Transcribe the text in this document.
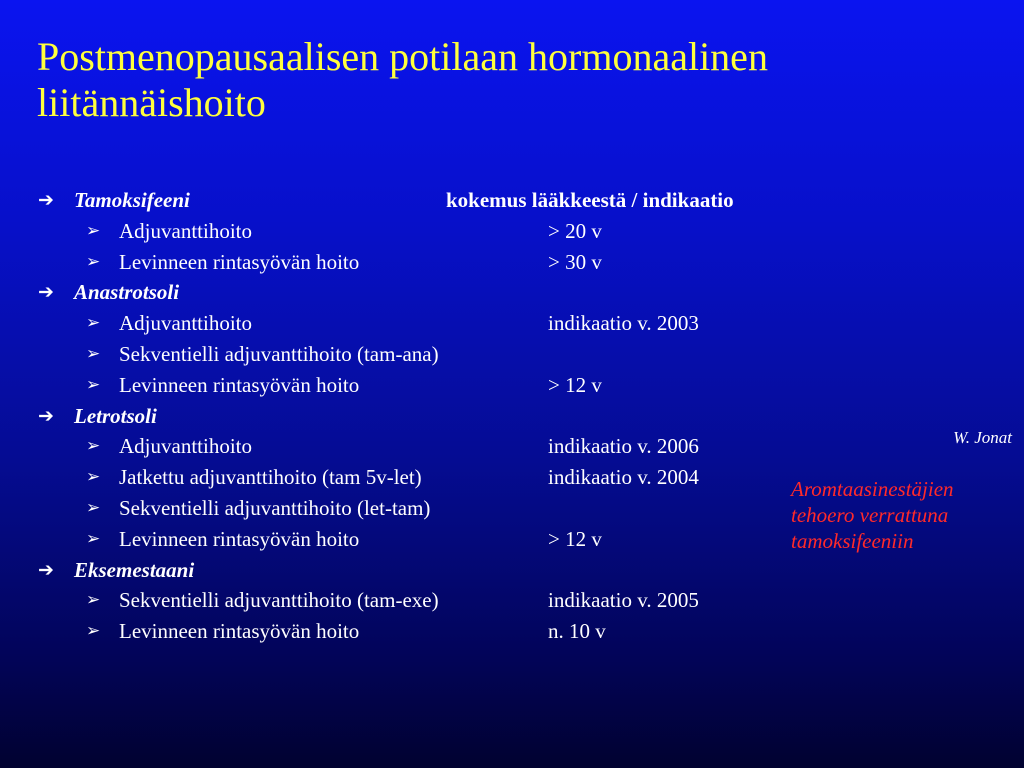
Postmenopausaalisen potilaan hormonaalinen
liitännäishoito
➔ Tamoksifeeni	kokemus lääkkeestä / indikaatio
➢ Adjuvanttihoito	> 20 v
➢ Levinneen rintasyövän hoito	> 30 v
➔ Anastrotsoli
➢ Adjuvanttihoito	indikaatio v. 2003
➢ Sekventielli adjuvanttihoito (tam-ana)
➢ Levinneen rintasyövän hoito	> 12 v
➔ Letrotsoli
➢ Adjuvanttihoito	indikaatio v. 2006
➢ Jatkettu adjuvanttihoito (tam 5v-let)	indikaatio v. 2004
➢ Sekventielli adjuvanttihoito (let-tam)
➢ Levinneen rintasyövän hoito	> 12 v
➔ Eksemestaani
➢ Sekventielli adjuvanttihoito (tam-exe)	indikaatio v. 2005
➢ Levinneen rintasyövän hoito	n. 10 v
W. Jonat
Aromtaasinestäjien
tehoero verrattuna
tamoksifeeniin
